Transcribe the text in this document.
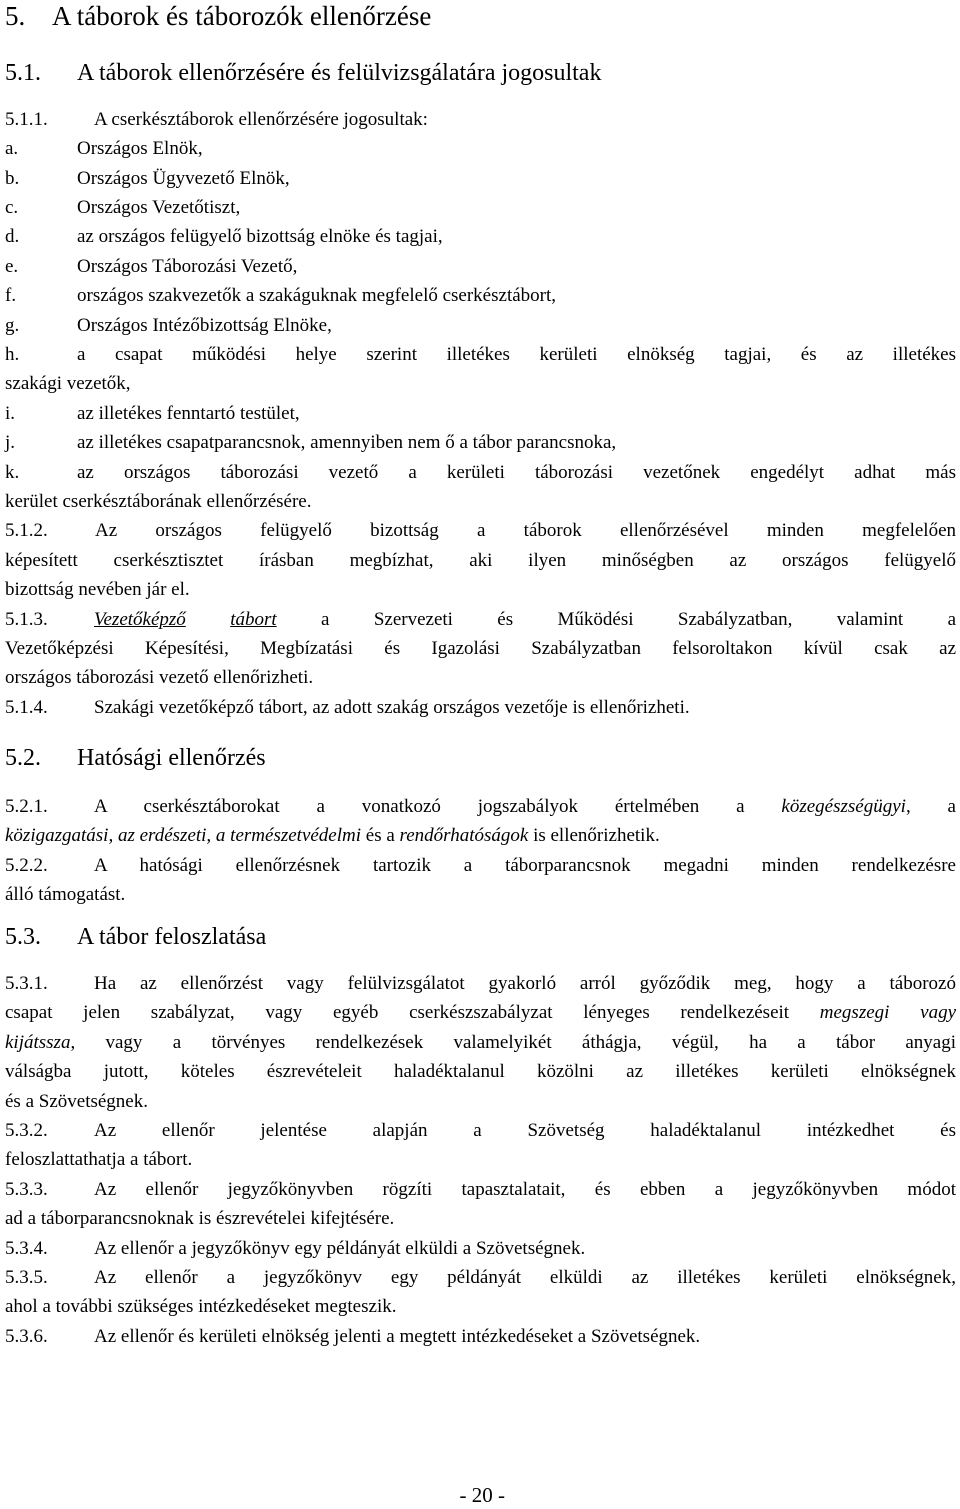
5. A táborok és táborozók ellenőrzése
5.1. A táborok ellenőrzésére és felülvizsgálatára jogosultak
5.1.1. A cserkésztáborok ellenőrzésére jogosultak:
a.	Országos Elnök,
b.	Országos Ügyvezető Elnök,
c.	Országos Vezetőtiszt,
d.	az országos felügyelő bizottság elnöke és tagjai,
e.	Országos Táborozási Vezető,
f.	országos szakvezetők a szakáguknak megfelelő cserkésztábort,
g.	Országos Intézőbizottság Elnöke,
h.	a csapat működési helye szerint illetékes kerületi elnökség tagjai, és az illetékes
szakági vezetők,
i.	az illetékes fenntartó testület,
j.	az illetékes csapatparancsnok, amennyiben nem ő a tábor parancsnoka,
k.	az országos táborozási vezető a kerületi táborozási vezetőnek engedélyt adhat más
kerület cserkésztáborának ellenőrzésére.
5.1.2. Az országos felügyelő bizottság a táborok ellenőrzésével minden megfelelően
képesített cserkésztisztet írásban megbízhat, aki ilyen minőségben az országos felügyelő
bizottság nevében jár el.
5.1.3. Vezetőképző tábort a Szervezeti és Működési Szabályzatban, valamint a
Vezetőképzési Képesítési, Megbízatási és Igazolási Szabályzatban felsoroltakon kívül csak az
országos táborozási vezető ellenőrizheti.
5.1.4. Szakági vezetőképző tábort, az adott szakág országos vezetője is ellenőrizheti.
5.2. Hatósági ellenőrzés
5.2.1. A cserkésztáborokat a vonatkozó jogszabályok értelmében a közegészségügyi, a
közigazgatási, az erdészeti, a természetvédelmi és a rendőrhatóságok is ellenőrizhetik.
5.2.2. A hatósági ellenőrzésnek tartozik a táborparancsnok megadni minden rendelkezésre
álló támogatást.
5.3. A tábor feloszlatása
5.3.1. Ha az ellenőrzést vagy felülvizsgálatot gyakorló arról győződik meg, hogy a táborozó
csapat jelen szabályzat, vagy egyéb cserkészszabályzat lényeges rendelkezéseit megszegi vagy
kijátssza, vagy a törvényes rendelkezések valamelyikét áthágja, végül, ha a tábor anyagi
válságba jutott, köteles észrevételeit haladéktalanul közölni az illetékes kerületi elnökségnek
és a Szövetségnek.
5.3.2. Az ellenőr jelentése alapján a Szövetség haladéktalanul intézkedhet és
feloszlattathatja a tábort.
5.3.3. Az ellenőr jegyzőkönyvben rögzíti tapasztalatait, és ebben a jegyzőkönyvben módot
ad a táborparancsnoknak is észrevételei kifejtésére.
5.3.4. Az ellenőr a jegyzőkönyv egy példányát elküldi a Szövetségnek.
5.3.5. Az ellenőr a jegyzőkönyv egy példányát elküldi az illetékes kerületi elnökségnek,
ahol a további szükséges intézkedéseket megteszik.
5.3.6. Az ellenőr és kerületi elnökség jelenti a megtett intézkedéseket a Szövetségnek.
- 20 -
